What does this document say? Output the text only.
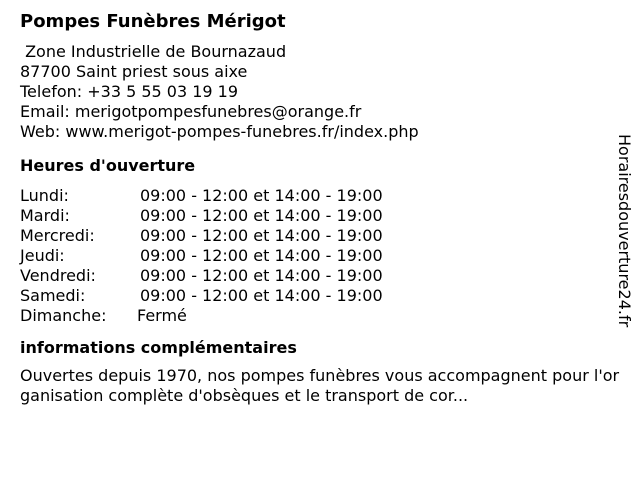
Pompes Funèbres Mérigot
Zone Industrielle de Bournazaud
87700 Saint priest sous aixe
Telefon: +33 5 55 03 19 19
Email: merigotpompesfunebres@orange.fr
Web: www.merigot-pompes-funebres.fr/index.php
Heures d'ouverture
Lundi:	09:00 - 12:00 et 14:00 - 19:00
Mardi:	09:00 - 12:00 et 14:00 - 19:00
Mercredi:	09:00 - 12:00 et 14:00 - 19:00
Jeudi:	09:00 - 12:00 et 14:00 - 19:00
Vendredi:	09:00 - 12:00 et 14:00 - 19:00
Samedi:	09:00 - 12:00 et 14:00 - 19:00
Dimanche: Fermé
informations complémentaires
Ouvertes depuis 1970, nos pompes funèbres vous accompagnent pour l'organisation complète d'obsèques et le transport de cor...
Horairesdouverture24.fr
